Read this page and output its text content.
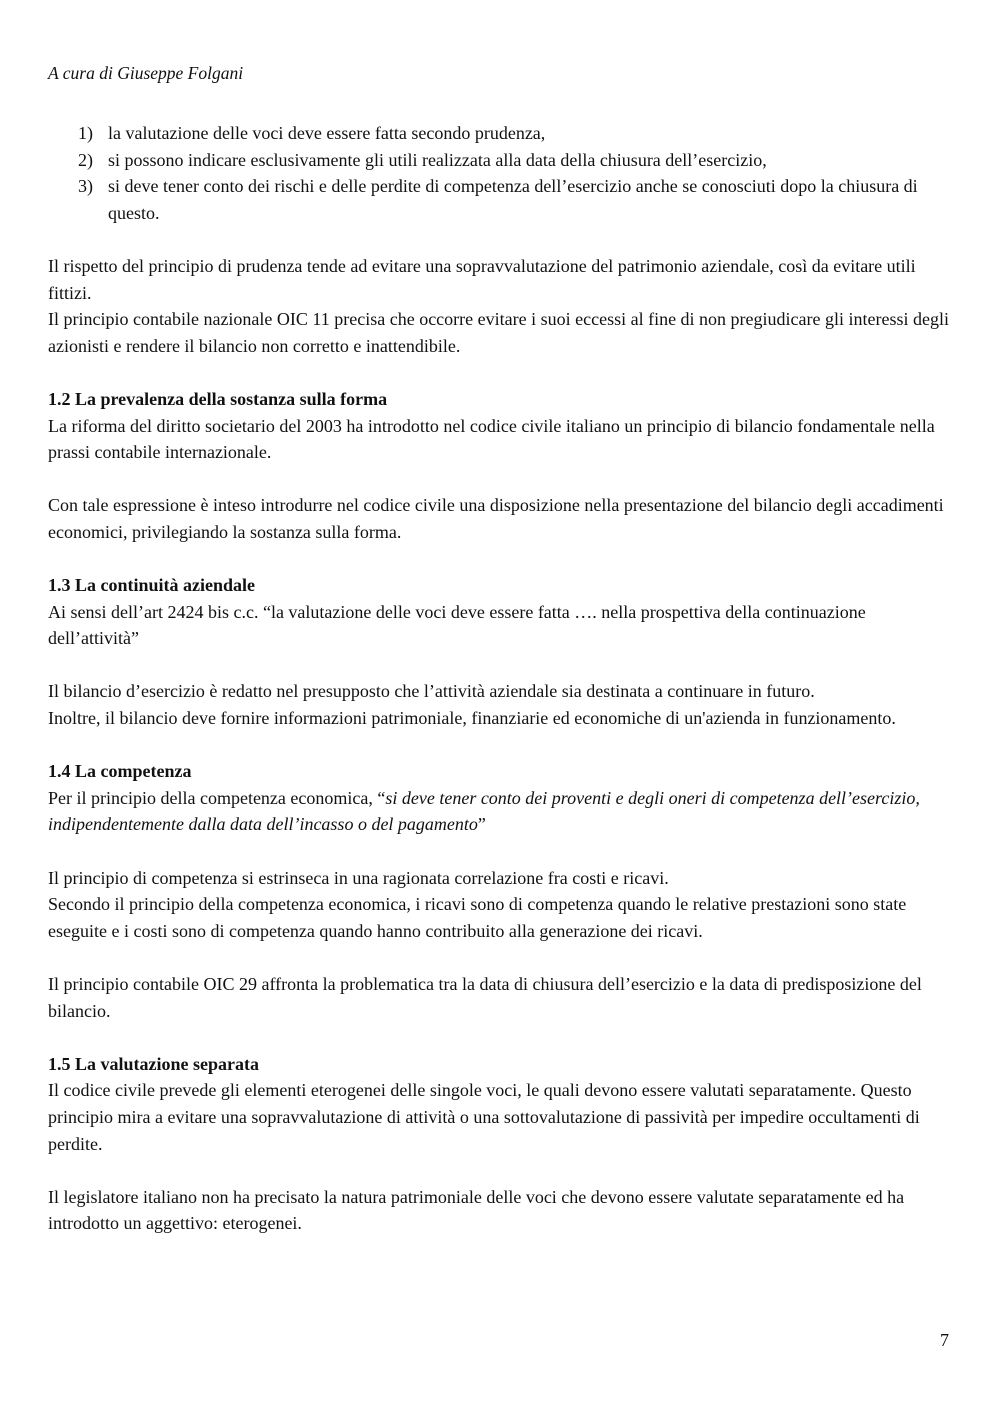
A cura di Giuseppe Folgani
1) la valutazione delle voci deve essere fatta secondo prudenza,
2) si possono indicare esclusivamente gli utili realizzata alla data della chiusura dell’esercizio,
3) si deve tener conto dei rischi e delle perdite di competenza dell’esercizio anche se conosciuti dopo la chiusura di questo.

Il rispetto del principio di prudenza tende ad evitare una sopravvalutazione del patrimonio aziendale, così da evitare utili fittizi.

Il principio contabile nazionale OIC 11 precisa che occorre evitare i suoi eccessi al fine di non pregiudicare gli interessi degli azionisti e rendere il bilancio non corretto e inattendibile.

1.2 La prevalenza della sostanza sulla forma

La riforma del diritto societario del 2003 ha introdotto nel codice civile italiano un principio di bilancio fondamentale nella prassi contabile internazionale.

Con tale espressione è inteso introdurre nel codice civile una disposizione nella presentazione del bilancio degli accadimenti economici, privilegiando la sostanza sulla forma.

1.3 La continuità aziendale

Ai sensi dell’art 2424 bis c.c. “la valutazione delle voci deve essere fatta …. nella prospettiva della continuazione dell’attività”

Il bilancio d’esercizio è redatto nel presupposto che l’attività aziendale sia destinata a continuare in futuro.

Inoltre, il bilancio deve fornire informazioni patrimoniale, finanziarie ed economiche di un'azienda in funzionamento.

1.4 La competenza

Per il principio della competenza economica, “si deve tener conto dei proventi e degli oneri di competenza dell’esercizio, indipendentemente dalla data dell’incasso o del pagamento”

Il principio di competenza si estrinseca in una ragionata correlazione fra costi e ricavi.

Secondo il principio della competenza economica, i ricavi sono di competenza quando le relative prestazioni sono state eseguite e i costi sono di competenza quando hanno contribuito alla generazione dei ricavi.

Il principio contabile OIC 29 affronta la problematica tra la data di chiusura dell’esercizio e la data di predisposizione del bilancio.

1.5 La valutazione separata

Il codice civile prevede gli elementi eterogenei delle singole voci, le quali devono essere valutati separatamente. Questo principio mira a evitare una sopravvalutazione di attività o una sottovalutazione di passività per impedire occultamenti di perdite.

Il legislatore italiano non ha precisato la natura patrimoniale delle voci che devono essere valutate separatamente ed ha introdotto un aggettivo: eterogenei.

7
